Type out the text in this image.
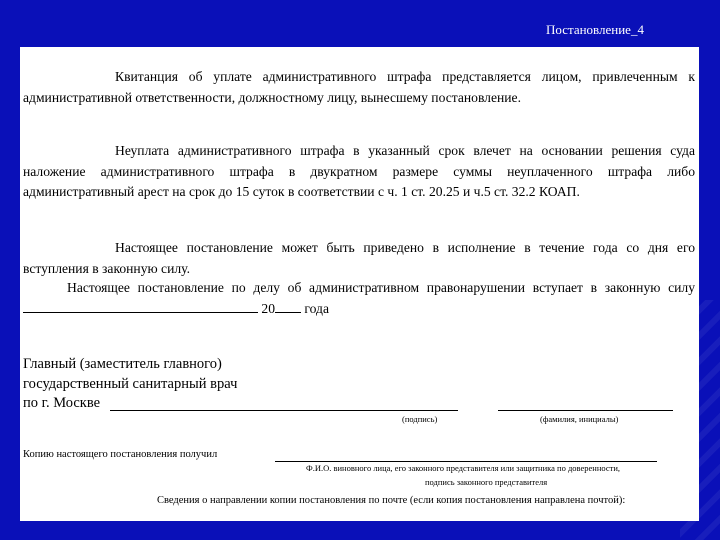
Постановление_4
Квитанция об уплате административного штрафа представляется лицом, привлеченным к административной ответственности, должностному лицу, вынесшему постановление.
Неуплата административного штрафа в указанный срок влечет на основании решения суда наложение административного штрафа в двукратном размере суммы неуплаченного штрафа либо административный арест на срок до 15 суток в соответствии с ч. 1 ст. 20.25 и ч.5 ст. 32.2 КОАП.
Настоящее постановление может быть приведено в исполнение в течение года со дня его вступления в законную силу.
Настоящее постановление по делу об административном правонарушении вступает в законную силу  20 года
Главный (заместитель главного)
государственный санитарный врач
по г. Москве
(подпись)	(фамилия, инициалы)
Копию настоящего постановления получил
Ф.И.О. виновного лица, его законного представителя или защитника по доверенности,
подпись законного представителя
Сведения о направлении копии постановления по почте (если копия постановления направлена почтой):
